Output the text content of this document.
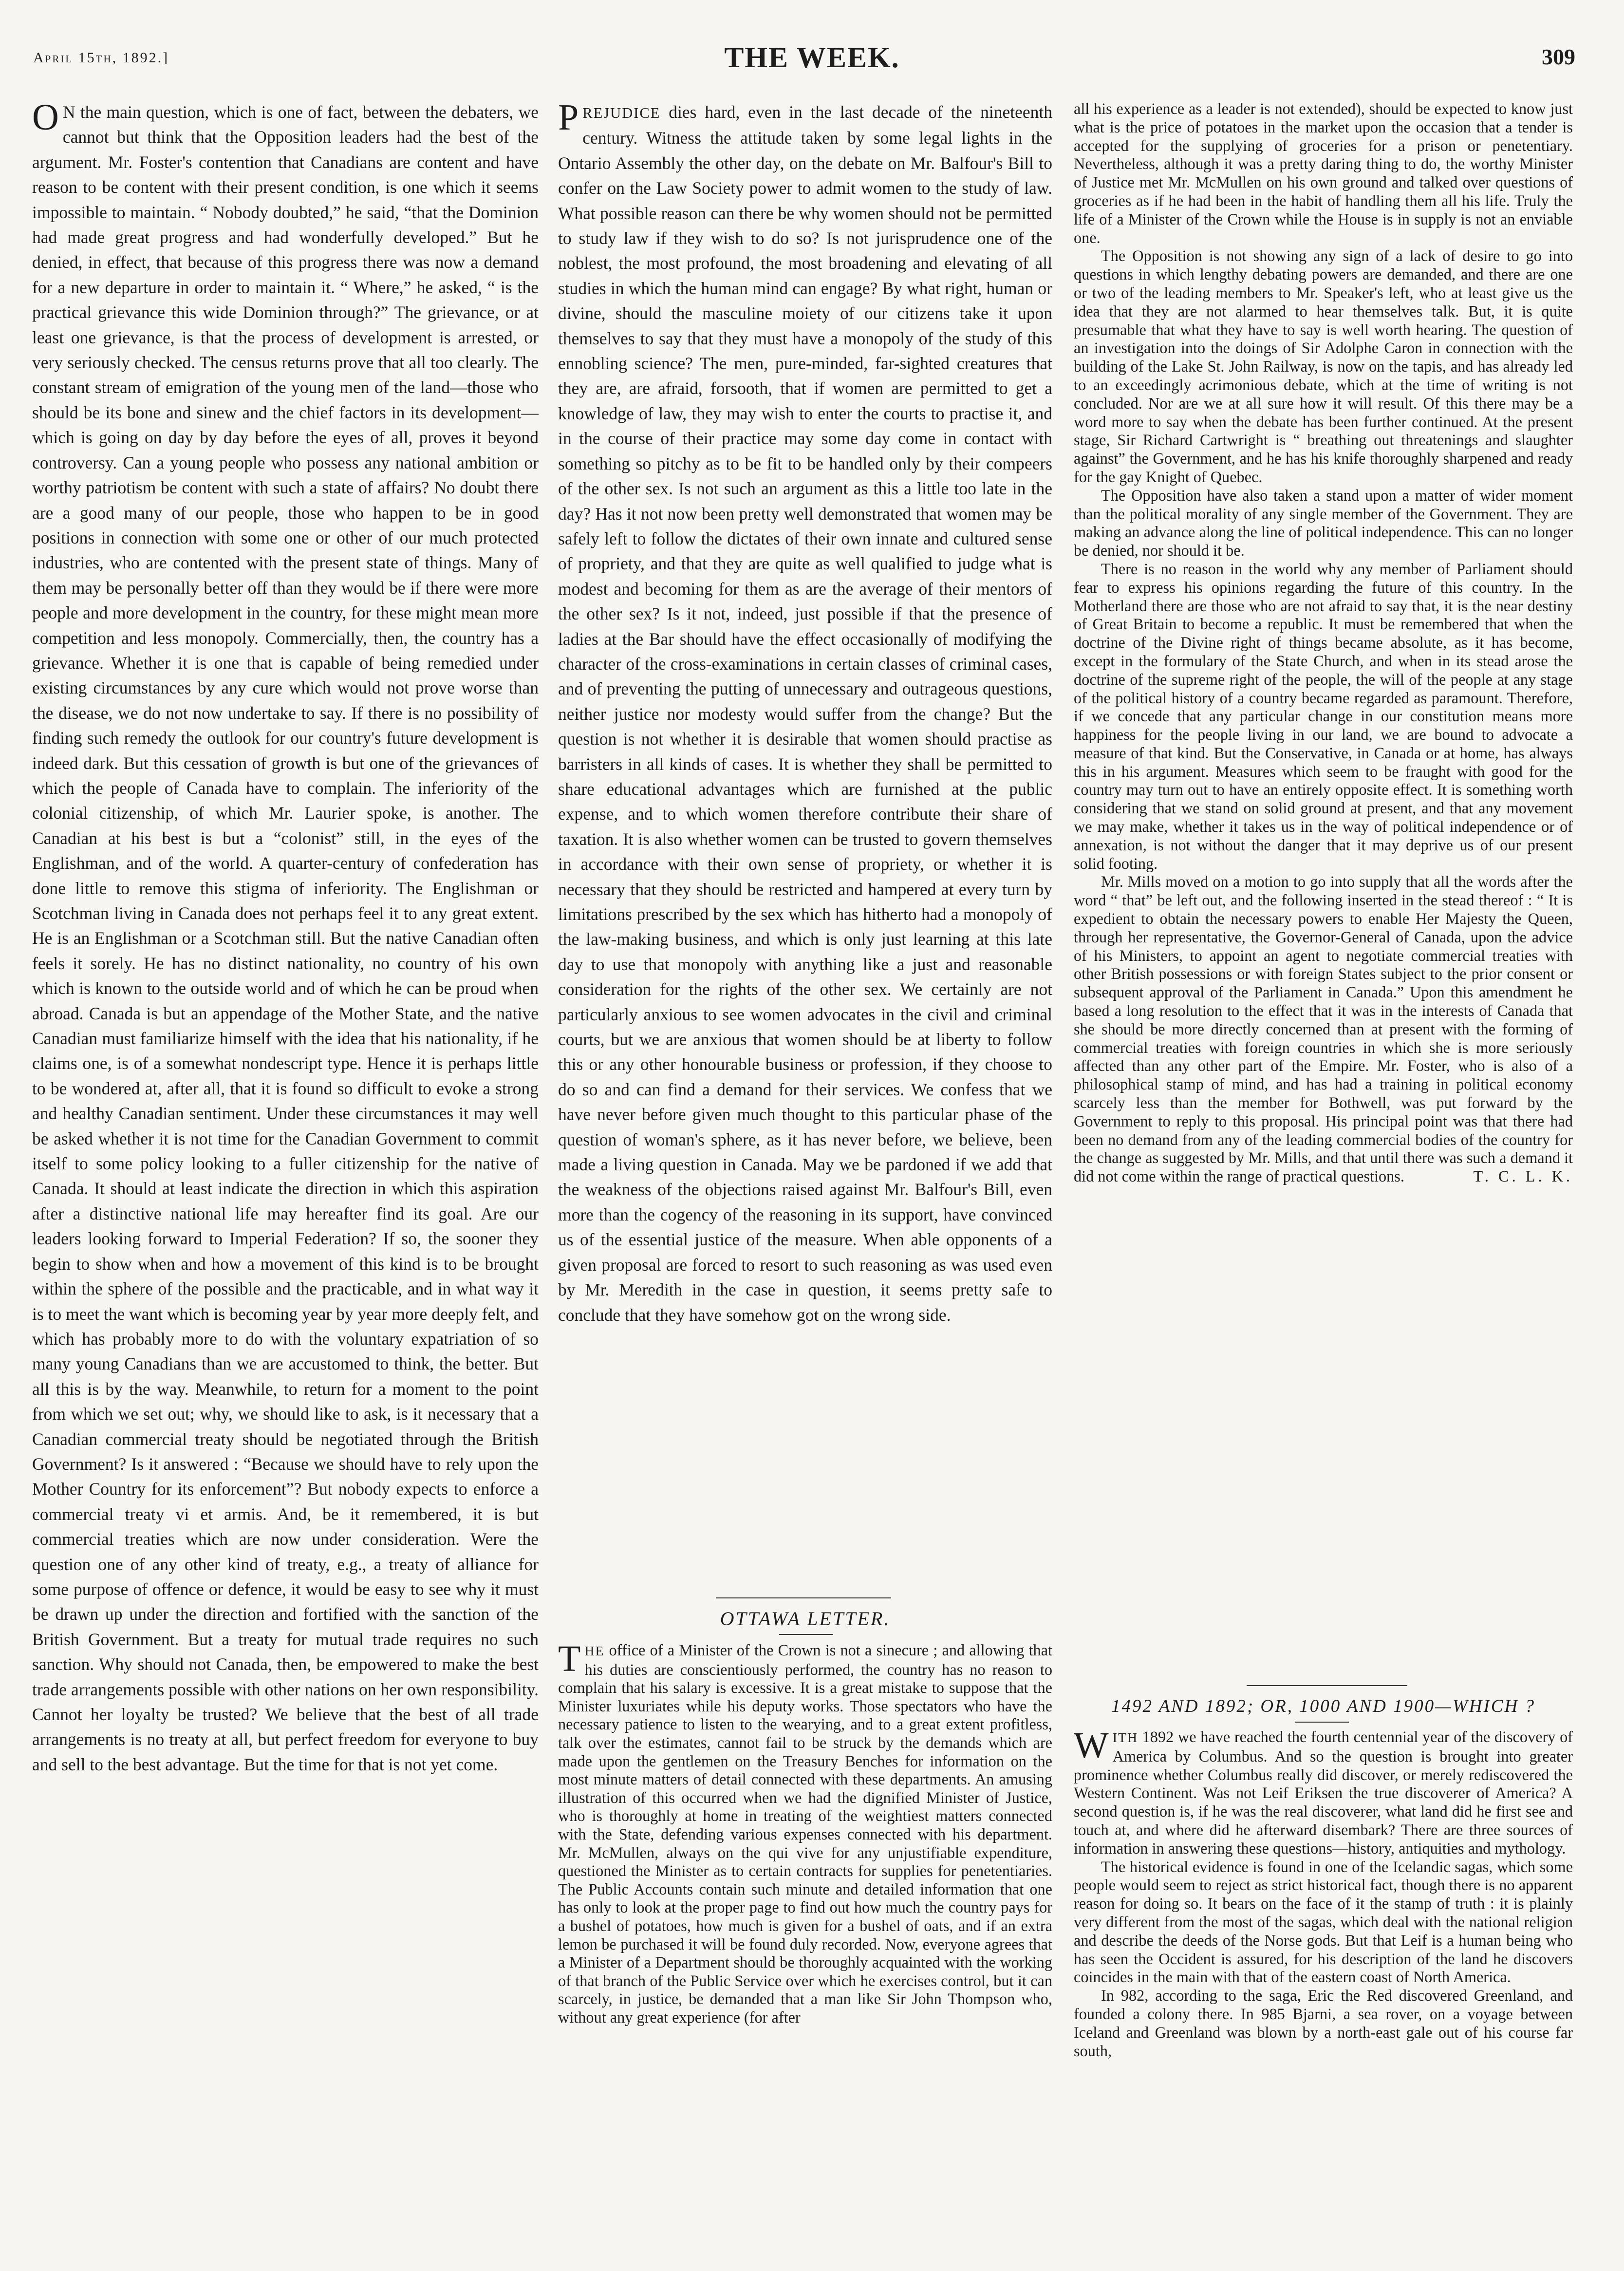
April 15th, 1892.]	THE WEEK.	309

O N the main question, which is one of fact, between the debaters, we cannot but think that the Opposition leaders had the best of the argument. Mr. Foster's contention that Canadians are content and have reason to be content with their present condition, is one which it seems impossible to maintain. “ Nobody doubted,” he said, “that the Dominion had made great progress and had wonderfully developed.” But he denied, in effect, that because of this progress there was now a demand for a new departure in order to maintain it. “ Where,” he asked, “ is the practical grievance this wide Dominion through?” The grievance, or at least one grievance, is that the process of development is arrested, or very seriously checked. The census returns prove that all too clearly. The constant stream of emigration of the young men of the land—those who should be its bone and sinew and the chief factors in its development—which is going on day by day before the eyes of all, proves it beyond controversy. Can a young people who possess any national ambition or worthy patriotism be content with such a state of affairs? No doubt there are a good many of our people, those who happen to be in good positions in connection with some one or other of our much protected industries, who are contented with the present state of things. Many of them may be personally better off than they would be if there were more people and more development in the country, for these might mean more competition and less monopoly. Commercially, then, the country has a grievance. Whether it is one that is capable of being remedied under existing circumstances by any cure which would not prove worse than the disease, we do not now undertake to say. If there is no possibility of finding such remedy the outlook for our country's future development is indeed dark. But this cessation of growth is but one of the grievances of which the people of Canada have to complain. The inferiority of the colonial citizenship, of which Mr. Laurier spoke, is another. The Canadian at his best is but a “colonist” still, in the eyes of the Englishman, and of the world. A quarter-century of confederation has done little to remove this stigma of inferiority. The Englishman or Scotchman living in Canada does not perhaps feel it to any great extent. He is an Englishman or a Scotchman still. But the native Canadian often feels it sorely. He has no distinct nationality, no country of his own which is known to the outside world and of which he can be proud when abroad. Canada is but an appendage of the Mother State, and the native Canadian must familiarize himself with the idea that his nationality, if he claims one, is of a somewhat nondescript type. Hence it is perhaps little to be wondered at, after all, that it is found so difficult to evoke a strong and healthy Canadian sentiment. Under these circumstances it may well be asked whether it is not time for the Canadian Government to commit itself to some policy looking to a fuller citizenship for the native of Canada. It should at least indicate the direction in which this aspiration after a distinctive national life may hereafter find its goal. Are our leaders looking forward to Imperial Federation? If so, the sooner they begin to show when and how a movement of this kind is to be brought within the sphere of the possible and the practicable, and in what way it is to meet the want which is becoming year by year more deeply felt, and which has probably more to do with the voluntary expatriation of so many young Canadians than we are accustomed to think, the better. But all this is by the way. Meanwhile, to return for a moment to the point from which we set out; why, we should like to ask, is it necessary that a Canadian commercial treaty should be negotiated through the British Government? Is it answered : “Because we should have to rely upon the Mother Country for its enforcement”? But nobody expects to enforce a commercial treaty vi et armis. And, be it remembered, it is but commercial treaties which are now under consideration. Were the question one of any other kind of treaty, e.g., a treaty of alliance for some purpose of offence or defence, it would be easy to see why it must be drawn up under the direction and fortified with the sanction of the British Government. But a treaty for mutual trade requires no such sanction. Why should not Canada, then, be empowered to make the best trade arrangements possible with other nations on her own responsibility. Cannot her loyalty be trusted? We believe that the best of all trade arrangements is no treaty at all, but perfect freedom for everyone to buy and sell to the best advantage. But the time for that is not yet come.

PREJUDICE dies hard, even in the last decade of the nineteenth century. Witness the attitude taken by some legal lights in the Ontario Assembly the other day, on the debate on Mr. Balfour's Bill to confer on the Law Society power to admit women to the study of law. What possible reason can there be why women should not be permitted to study law if they wish to do so? Is not jurisprudence one of the noblest, the most profound, the most broadening and elevating of all studies in which the human mind can engage? By what right, human or divine, should the masculine moiety of our citizens take it upon themselves to say that they must have a monopoly of the study of this ennobling science? The men, pure-minded, far-sighted creatures that they are, are afraid, forsooth, that if women are permitted to get a knowledge of law, they may wish to enter the courts to practise it, and in the course of their practice may some day come in contact with something so pitchy as to be fit to be handled only by their compeers of the other sex. Is not such an argument as this a little too late in the day? Has it not now been pretty well demonstrated that women may be safely left to follow the dictates of their own innate and cultured sense of propriety, and that they are quite as well qualified to judge what is modest and becoming for them as are the average of their mentors of the other sex? Is it not, indeed, just possible if that the presence of ladies at the Bar should have the effect occasionally of modifying the character of the cross-examinations in certain classes of criminal cases, and of preventing the putting of unnecessary and outrageous questions, neither justice nor modesty would suffer from the change? But the question is not whether it is desirable that women should practise as barristers in all kinds of cases. It is whether they shall be permitted to share educational advantages which are furnished at the public expense, and to which women therefore contribute their share of taxation. It is also whether women can be trusted to govern themselves in accordance with their own sense of propriety, or whether it is necessary that they should be restricted and hampered at every turn by limitations prescribed by the sex which has hitherto had a monopoly of the law-making business, and which is only just learning at this late day to use that monopoly with anything like a just and reasonable consideration for the rights of the other sex. We certainly are not particularly anxious to see women advocates in the civil and criminal courts, but we are anxious that women should be at liberty to follow this or any other honourable business or profession, if they choose to do so and can find a demand for their services. We confess that we have never before given much thought to this particular phase of the question of woman's sphere, as it has never before, we believe, been made a living question in Canada. May we be pardoned if we add that the weakness of the objections raised against Mr. Balfour's Bill, even more than the cogency of the reasoning in its support, have convinced us of the essential justice of the measure. When able opponents of a given proposal are forced to resort to such reasoning as was used even by Mr. Meredith in the case in question, it seems pretty safe to conclude that they have somehow got on the wrong side.

OTTAWA LETTER.

THE office of a Minister of the Crown is not a sinecure ; and allowing that his duties are conscientiously performed, the country has no reason to complain that his salary is excessive. It is a great mistake to suppose that the Minister luxuriates while his deputy works. Those spectators who have the necessary patience to listen to the wearying, and to a great extent profitless, talk over the estimates, cannot fail to be struck by the demands which are made upon the gentlemen on the Treasury Benches for information on the most minute matters of detail connected with these departments. An amusing illustration of this occurred when we had the dignified Minister of Justice, who is thoroughly at home in treating of the weightiest matters connected with the State, defending various expenses connected with his department. Mr. McMullen, always on the qui vive for any unjustifiable expenditure, questioned the Minister as to certain contracts for supplies for penetentiaries. The Public Accounts contain such minute and detailed information that one has only to look at the proper page to find out how much the country pays for a bushel of potatoes, how much is given for a bushel of oats, and if an extra lemon be purchased it will be found duly recorded. Now, everyone agrees that a Minister of a Department should be thoroughly acquainted with the working of that branch of the Public Service over which he exercises control, but it can scarcely, in justice, be demanded that a man like Sir John Thompson who, without any great experience (for after

all his experience as a leader is not extended), should be expected to know just what is the price of potatoes in the market upon the occasion that a tender is accepted for the supplying of groceries for a prison or penetentiary. Nevertheless, although it was a pretty daring thing to do, the worthy Minister of Justice met Mr. McMullen on his own ground and talked over questions of groceries as if he had been in the habit of handling them all his life. Truly the life of a Minister of the Crown while the House is in supply is not an enviable one.

The Opposition is not showing any sign of a lack of desire to go into questions in which lengthy debating powers are demanded, and there are one or two of the leading members to Mr. Speaker's left, who at least give us the idea that they are not alarmed to hear themselves talk. But, it is quite presumable that what they have to say is well worth hearing. The question of an investigation into the doings of Sir Adolphe Caron in connection with the building of the Lake St. John Railway, is now on the tapis, and has already led to an exceedingly acrimonious debate, which at the time of writing is not concluded. Nor are we at all sure how it will result. Of this there may be a word more to say when the debate has been further continued. At the present stage, Sir Richard Cartwright is “ breathing out threatenings and slaughter against” the Government, and he has his knife thoroughly sharpened and ready for the gay Knight of Quebec.

The Opposition have also taken a stand upon a matter of wider moment than the political morality of any single member of the Government. They are making an advance along the line of political independence. This can no longer be denied, nor should it be.

There is no reason in the world why any member of Parliament should fear to express his opinions regarding the future of this country. In the Motherland there are those who are not afraid to say that, it is the near destiny of Great Britain to become a republic. It must be remembered that when the doctrine of the Divine right of things became absolute, as it has become, except in the formulary of the State Church, and when in its stead arose the doctrine of the supreme right of the people, the will of the people at any stage of the political history of a country became regarded as paramount. Therefore, if we concede that any particular change in our constitution means more happiness for the people living in our land, we are bound to advocate a measure of that kind. But the Conservative, in Canada or at home, has always this in his argument. Measures which seem to be fraught with good for the country may turn out to have an entirely opposite effect. It is something worth considering that we stand on solid ground at present, and that any movement we may make, whether it takes us in the way of political independence or of annexation, is not without the danger that it may deprive us of our present solid footing.

Mr. Mills moved on a motion to go into supply that all the words after the word “ that” be left out, and the following inserted in the stead thereof : “ It is expedient to obtain the necessary powers to enable Her Majesty the Queen, through her representative, the Governor-General of Canada, upon the advice of his Ministers, to appoint an agent to negotiate commercial treaties with other British possessions or with foreign States subject to the prior consent or subsequent approval of the Parliament in Canada.” Upon this amendment he based a long resolution to the effect that it was in the interests of Canada that she should be more directly concerned than at present with the forming of commercial treaties with foreign countries in which she is more seriously affected than any other part of the Empire. Mr. Foster, who is also of a philosophical stamp of mind, and has had a training in political economy scarcely less than the member for Bothwell, was put forward by the Government to reply to this proposal. His principal point was that there had been no demand from any of the leading commercial bodies of the country for the change as suggested by Mr. Mills, and that until there was such a demand it did not come within the range of practical questions.	T. C. L. K.

1492 AND 1892; OR, 1000 AND 1900—WHICH ?

WITH 1892 we have reached the fourth centennial year of the discovery of America by Columbus. And so the question is brought into greater prominence whether Columbus really did discover, or merely rediscovered the Western Continent. Was not Leif Eriksen the true discoverer of America? A second question is, if he was the real discoverer, what land did he first see and touch at, and where did he afterward disembark? There are three sources of information in answering these questions—history, antiquities and mythology.

The historical evidence is found in one of the Icelandic sagas, which some people would seem to reject as strict historical fact, though there is no apparent reason for doing so. It bears on the face of it the stamp of truth : it is plainly very different from the most of the sagas, which deal with the national religion and describe the deeds of the Norse gods. But that Leif is a human being who has seen the Occident is assured, for his description of the land he discovers coincides in the main with that of the eastern coast of North America.

In 982, according to the saga, Eric the Red discovered Greenland, and founded a colony there. In 985 Bjarni, a sea rover, on a voyage between Iceland and Greenland was blown by a north-east gale out of his course far south,
